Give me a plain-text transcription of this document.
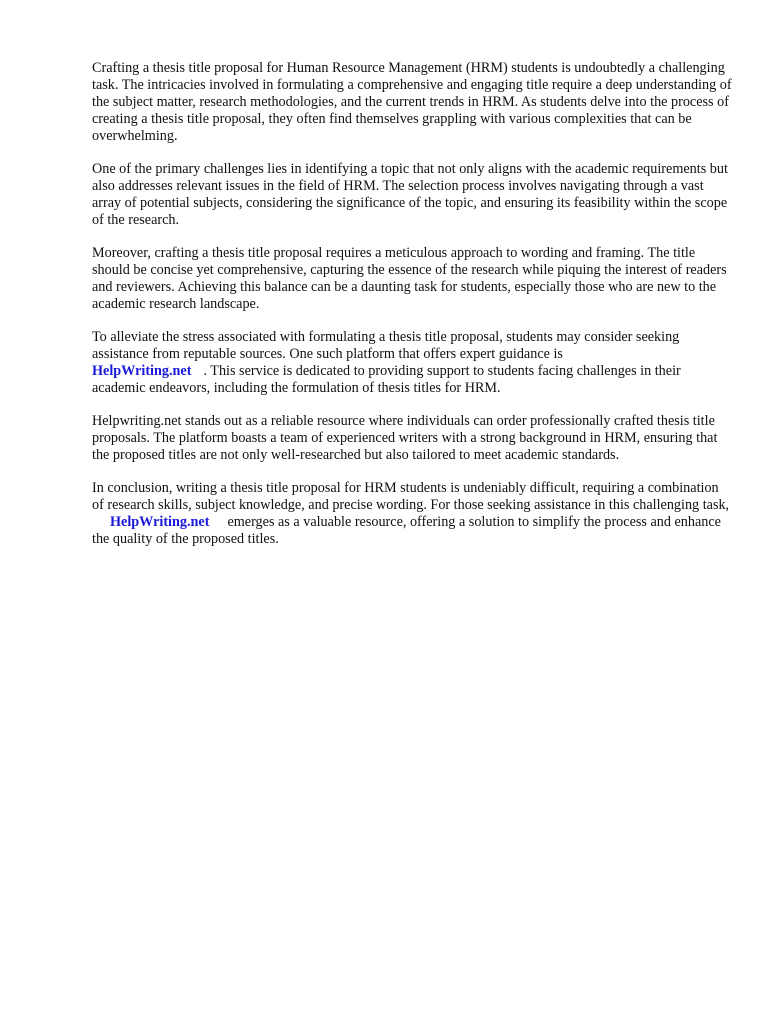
Crafting a thesis title proposal for Human Resource Management (HRM) students is undoubtedly a challenging task. The intricacies involved in formulating a comprehensive and engaging title require a deep understanding of the subject matter, research methodologies, and the current trends in HRM. As students delve into the process of creating a thesis title proposal, they often find themselves grappling with various complexities that can be overwhelming.

One of the primary challenges lies in identifying a topic that not only aligns with the academic requirements but also addresses relevant issues in the field of HRM. The selection process involves navigating through a vast array of potential subjects, considering the significance of the topic, and ensuring its feasibility within the scope of the research.

Moreover, crafting a thesis title proposal requires a meticulous approach to wording and framing. The title should be concise yet comprehensive, capturing the essence of the research while piquing the interest of readers and reviewers. Achieving this balance can be a daunting task for students, especially those who are new to the academic research landscape.

To alleviate the stress associated with formulating a thesis title proposal, students may consider seeking assistance from reputable sources. One such platform that offers expert guidance is
HelpWriting.net . This service is dedicated to providing support to students facing challenges in their academic endeavors, including the formulation of thesis titles for HRM.

Helpwriting.net stands out as a reliable resource where individuals can order professionally crafted thesis title proposals. The platform boasts a team of experienced writers with a strong background in HRM, ensuring that the proposed titles are not only well-researched but also tailored to meet academic standards.

In conclusion, writing a thesis title proposal for HRM students is undeniably difficult, requiring a combination of research skills, subject knowledge, and precise wording. For those seeking assistance in this challenging task,HelpWriting.net emerges as a valuable resource, offering a solution to simplify the process and enhance the quality of the proposed titles.
